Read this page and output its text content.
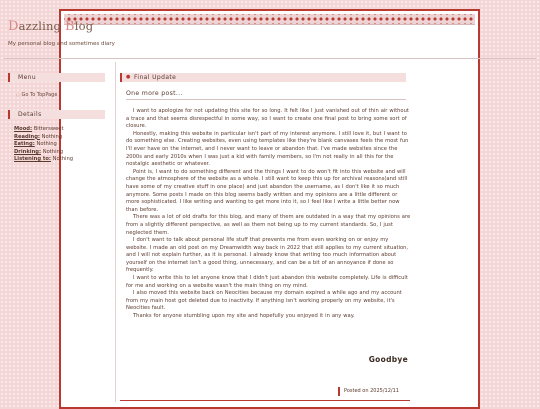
Dazzling Blog
My personal blog and sometimes diary
Menu
○ Go To TopPage
Details
Mood: Bittersweet
Reading: Nothing
Eating: Nothing
Drinking: Nothing
Listening to: Nothing
● Final Update
One more post...

I want to apologize for not updating this site for so long. It felt like I just vanished out of thin air without a trace and that seems disrespectful in some way, so I want to create one final post to bring some sort of closure.

Honestly, making this website in particular isn't part of my interest anymore. I still love it, but I want to do something else. Creating websites, even using templates like they're blank canvases feels the most fun I'll ever have on the internet, and I never want to leave or abandon that. I've made websites since the 2000s and early 2010s when I was just a kid with family members, so I'm not really in all this for the nostalgic aesthetic or whatever.

Point is, I want to do something different and the things I want to do won't fit into this website and will change the atmosphere of the website as a whole. I still want to keep this up for archival reasons(and still have some of my creative stuff in one place) and just abandon the username, as I don't like it so much anymore. Some posts I made on this blog seems badly written and my opinions are a little different or more sophisticated. I like writing and wanting to get more into it, so I feel like I write a little better now than before.

There was a lot of old drafts for this blog, and many of them are outdated in a way that my opinions are from a slightly different perspective, as well as them not being up to my current standards. So, I just neglected them.

I don't want to talk about personal life stuff that prevents me from even working on or enjoy my website. I made an old post on my Dreamwidth way back in 2022 that still applies to my current situation, and I will not explain further, as it is personal. I already know that writing too much information about yourself on the internet isn't a good thing, unnecessary, and can be a bit of an annoyance if done so frequently.

I want to write this to let anyone know that I didn't just abandon this website completely. Life is difficult for me and working on a website wasn't the main thing on my mind.

I also moved this website back on Neocities because my domain expired a while ago and my account from my main host got deleted due to inactivity. If anything isn't working properly on my website, it's Neocities fault.

Thanks for anyone stumbling upon my site and hopefully you enjoyed it in any way.

Goodbye
Posted on 2025/12/11
